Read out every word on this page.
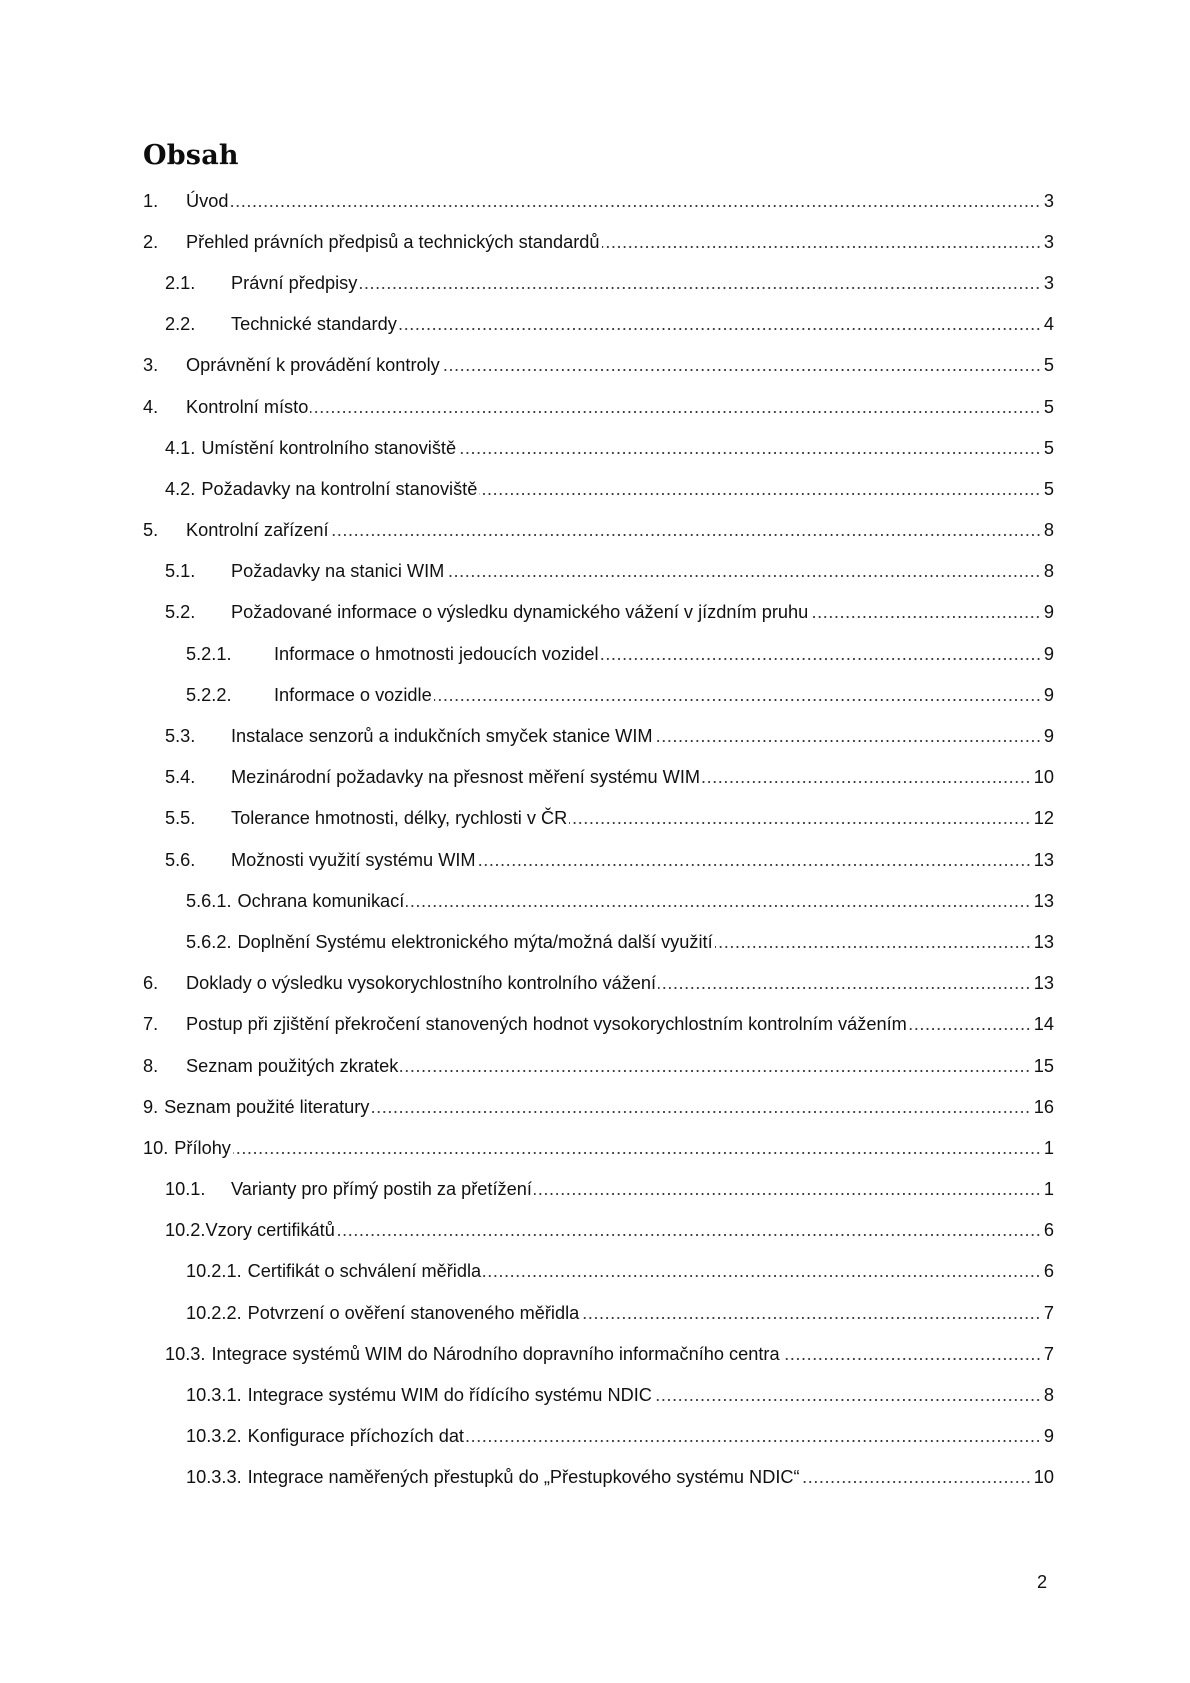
Obsah
1.	Úvod	3
2.	Přehled právních předpisů a technických standardů	3
2.1.	Právní předpisy	3
2.2.	Technické standardy	4
3.	Oprávnění k provádění kontroly	5
4.	Kontrolní místo	5
4.1. Umístění kontrolního stanoviště	5
4.2. Požadavky na kontrolní stanoviště	5
5.	Kontrolní zařízení	8
5.1.	Požadavky na stanici WIM	8
5.2.	Požadované informace o výsledku dynamického vážení v jízdním pruhu	9
5.2.1.	Informace o hmotnosti jedoucích vozidel	9
5.2.2.	Informace o vozidle	9
5.3.	Instalace senzorů a indukčních smyček stanice WIM	9
5.4.	Mezinárodní požadavky na přesnost měření systému WIM	10
5.5.	Tolerance hmotnosti, délky, rychlosti v ČR	12
5.6.	Možnosti využití systému WIM	13
5.6.1. Ochrana komunikací	13
5.6.2. Doplnění Systému elektronického mýta/možná další využití	13
6.	Doklady o výsledku vysokorychlostního kontrolního vážení	13
7.	Postup při zjištění překročení stanovených hodnot vysokorychlostním kontrolním vážením	14
8.	Seznam použitých zkratek	15
9. Seznam použité literatury	16
10. Přílohy	1
10.1.	Varianty pro přímý postih za přetížení	1
10.2. Vzory certifikátů	6
10.2.1. Certifikát o schválení měřidla	6
10.2.2. Potvrzení o ověření stanoveného měřidla	7
10.3. Integrace systémů WIM do Národního dopravního informačního centra	7
10.3.1. Integrace systému WIM do řídícího systému NDIC	8
10.3.2. Konfigurace příchozích dat	9
10.3.3. Integrace naměřených přestupků do „Přestupkového systému NDIC“	10
2
